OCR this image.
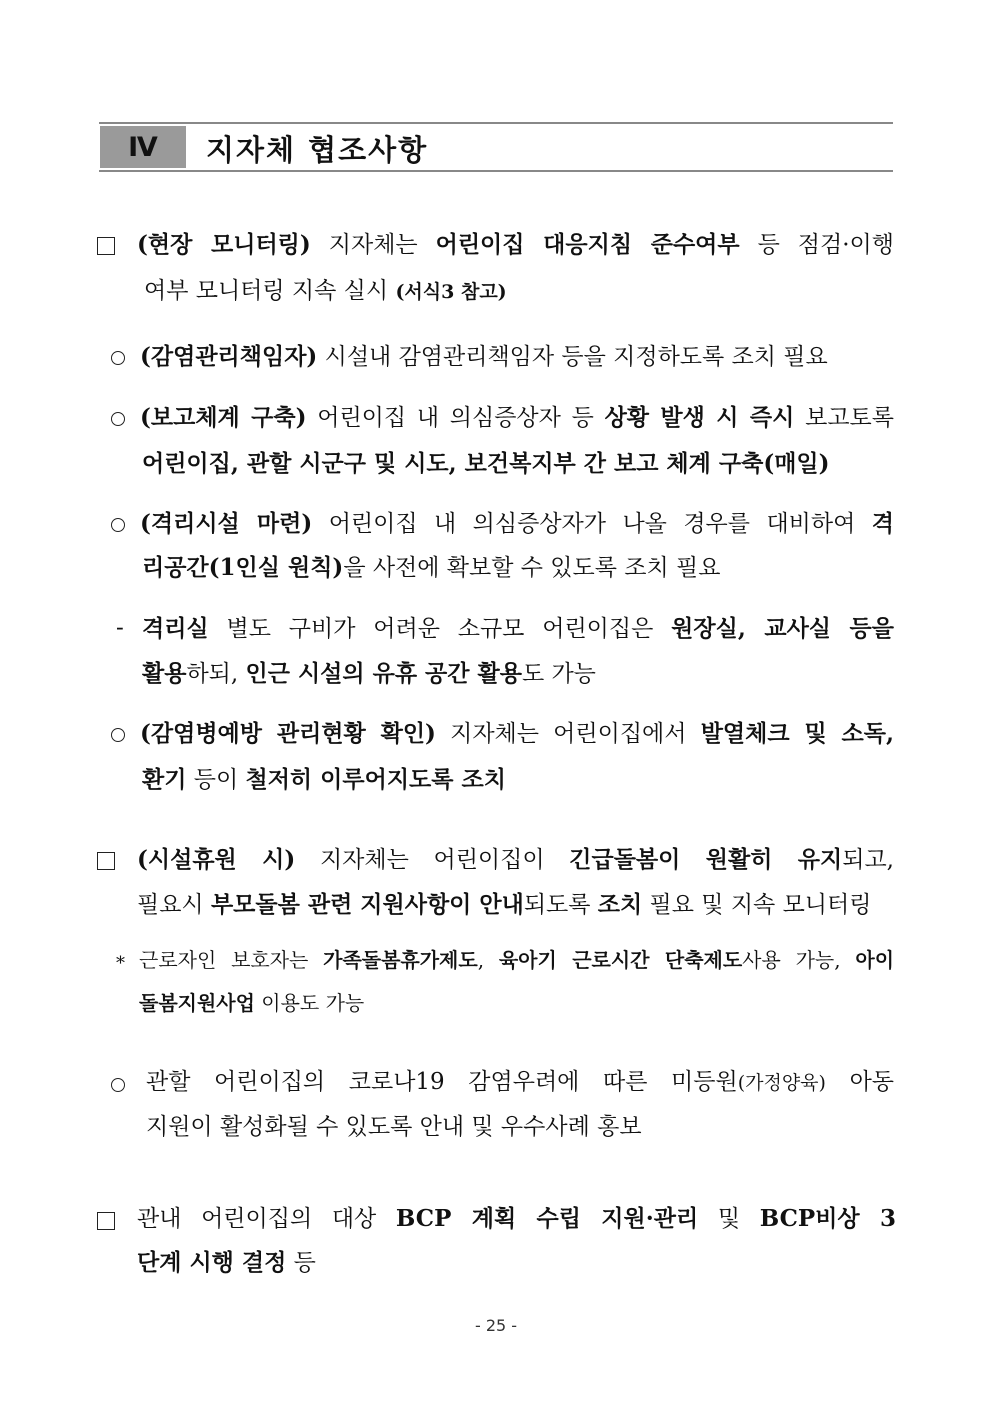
Ⅳ 지자체 협조사항
(현장 모니터링) 지자체는 어린이집 대응지침 준수여부 등 점검·이행
여부 모니터링 지속 실시 (서식3 참고)
(감염관리책임자) 시설내 감염관리책임자 등을 지정하도록 조치 필요
(보고체계 구축) 어린이집 내 의심증상자 등 상황 발생 시 즉시 보고토록
어린이집, 관할 시군구 및 시도, 보건복지부 간 보고 체계 구축(매일)
(격리시설 마련) 어린이집 내 의심증상자가 나올 경우를 대비하여 격
리공간(1인실 원칙)을 사전에 확보할 수 있도록 조치 필요
- 격리실 별도 구비가 어려운 소규모 어린이집은 원장실, 교사실 등을
활용하되, 인근 시설의 유휴 공간 활용도 가능
(감염병예방 관리현황 확인) 지자체는 어린이집에서 발열체크 및 소독,
환기 등이 철저히 이루어지도록 조치
(시설휴원 시) 지자체는 어린이집이 긴급돌봄이 원활히 유지되고,
필요시 부모돌봄 관련 지원사항이 안내되도록 조치 필요 및 지속 모니터링
* 근로자인 보호자는 가족돌봄휴가제도, 육아기 근로시간 단축제도사용 가능, 아이
돌봄지원사업 이용도 가능
관할 어린이집의 코로나19 감염우려에 따른 미등원(가정양육) 아동
지원이 활성화될 수 있도록 안내 및 우수사례 홍보
관내 어린이집의 대상 BCP 계획 수립 지원·관리 및 BCP비상 3
단계 시행 결정 등
- 25 -
